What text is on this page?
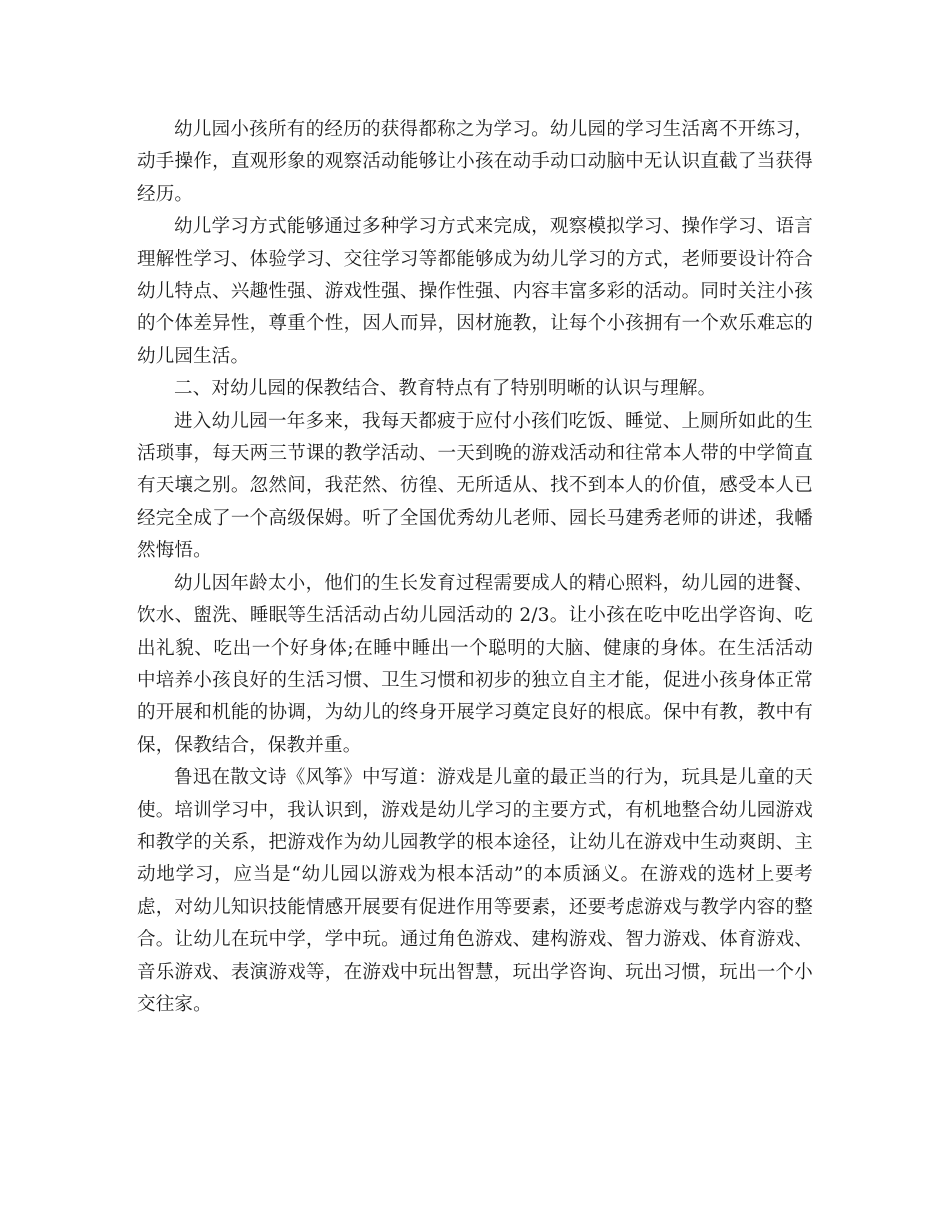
幼儿园小孩所有的经历的获得都称之为学习。幼儿园的学习生活离不开练习，动手操作，直观形象的观察活动能够让小孩在动手动口动脑中无认识直截了当获得经历。

幼儿学习方式能够通过多种学习方式来完成，观察模拟学习、操作学习、语言理解性学习、体验学习、交往学习等都能够成为幼儿学习的方式，老师要设计符合幼儿特点、兴趣性强、游戏性强、操作性强、内容丰富多彩的活动。同时关注小孩的个体差异性，尊重个性，因人而异，因材施教，让每个小孩拥有一个欢乐难忘的幼儿园生活。

二、对幼儿园的保教结合、教育特点有了特别明晰的认识与理解。

进入幼儿园一年多来，我每天都疲于应付小孩们吃饭、睡觉、上厕所如此的生活琐事，每天两三节课的教学活动、一天到晚的游戏活动和往常本人带的中学简直有天壤之别。忽然间，我茫然、彷徨、无所适从、找不到本人的价值，感受本人已经完全成了一个高级保姆。听了全国优秀幼儿老师、园长马建秀老师的讲述，我幡然悔悟。

幼儿因年龄太小，他们的生长发育过程需要成人的精心照料，幼儿园的进餐、饮水、盥洗、睡眠等生活活动占幼儿园活动的 2/3。让小孩在吃中吃出学咨询、吃出礼貌、吃出一个好身体;在睡中睡出一个聪明的大脑、健康的身体。在生活活动中培养小孩良好的生活习惯、卫生习惯和初步的独立自主才能，促进小孩身体正常的开展和机能的协调，为幼儿的终身开展学习奠定良好的根底。保中有教，教中有保，保教结合，保教并重。

鲁迅在散文诗《风筝》中写道：游戏是儿童的最正当的行为，玩具是儿童的天使。培训学习中，我认识到，游戏是幼儿学习的主要方式，有机地整合幼儿园游戏和教学的关系，把游戏作为幼儿园教学的根本途径，让幼儿在游戏中生动爽朗、主动地学习，应当是“幼儿园以游戏为根本活动”的本质涵义。在游戏的选材上要考虑，对幼儿知识技能情感开展要有促进作用等要素，还要考虑游戏与教学内容的整合。让幼儿在玩中学，学中玩。通过角色游戏、建构游戏、智力游戏、体育游戏、音乐游戏、表演游戏等，在游戏中玩出智慧，玩出学咨询、玩出习惯，玩出一个小交往家。
